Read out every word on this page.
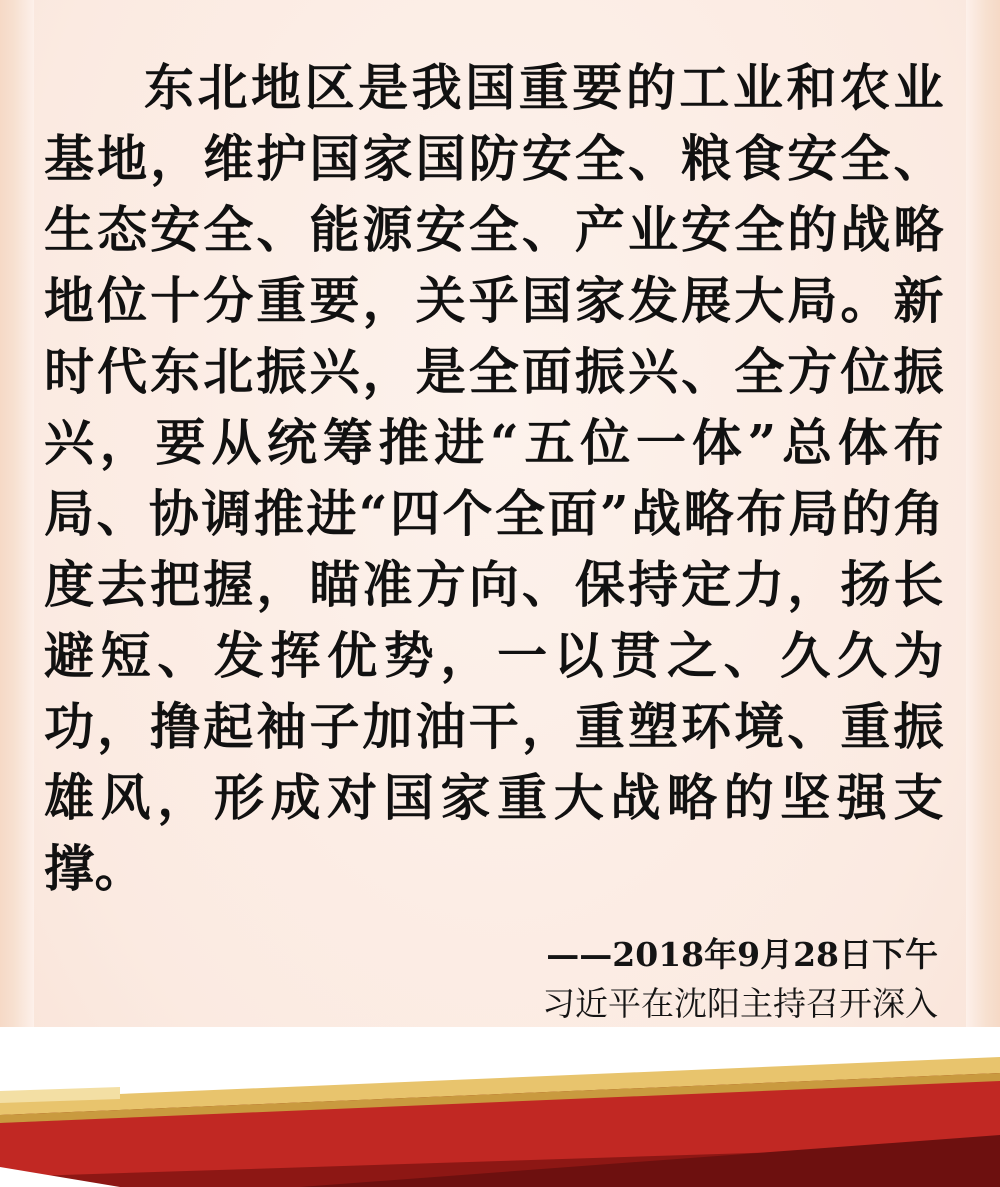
东北地区是我国重要的工业和农业基地，维护国家国防安全、粮食安全、生态安全、能源安全、产业安全的战略地位十分重要，关乎国家发展大局。新时代东北振兴，是全面振兴、全方位振兴，要从统筹推进“五位一体”总体布局、协调推进“四个全面”战略布局的角度去把握，瞄准方向、保持定力，扬长避短、发挥优势，一以贯之、久久为功，撸起袖子加油干，重塑环境、重振雄风，形成对国家重大战略的坚强支撑。

——2018年9月28日下午
习近平在沈阳主持召开深入
